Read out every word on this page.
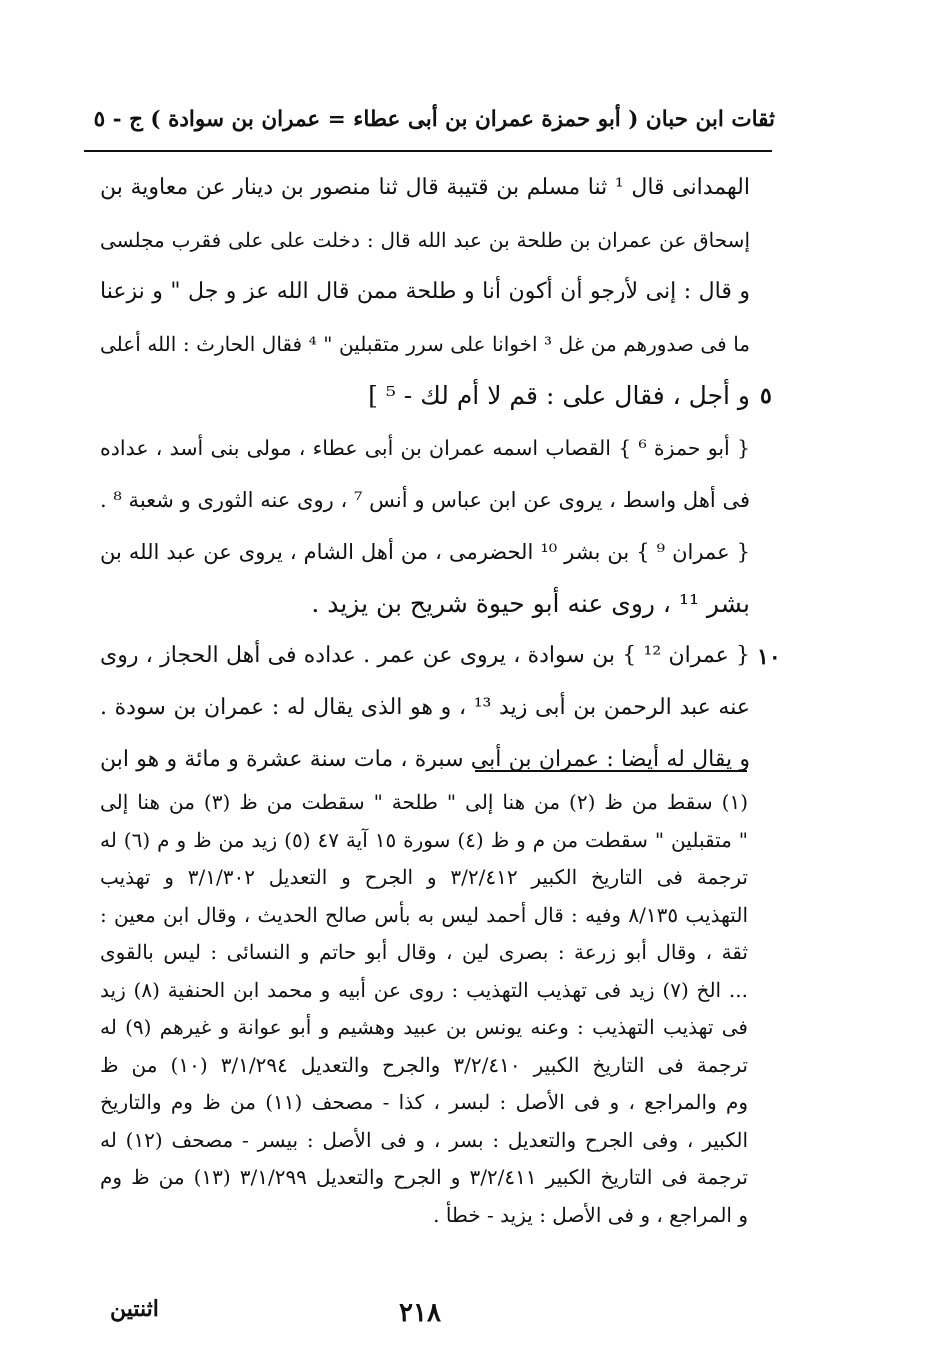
ثقات ابن حبان ( أبو حمزة عمران بن أبى عطاء = عمران بن سوادة ) ج - ٥
٥
١٠
الهمدانى قال ¹ ثنا مسلم بن قتيبة قال ثنا منصور بن دينار عن معاوية بن
إسحاق عن عمران بن طلحة بن عبد الله قال : دخلت على على فقرب مجلسى
و قال : إنى لأرجو أن أكون أنا و طلحة ممن قال الله عز و جل " و نزعنا
ما فى صدورهم من غل ³ اخوانا على سرر متقبلين " ⁴ فقال الحارث : الله أعلى
و أجل ، فقال على : قم لا أم لك - ⁵ ]
{ أبو حمزة ⁶ } القصاب اسمه عمران بن أبى عطاء ، مولى بنى أسد ، عداده
فى أهل واسط ، يروى عن ابن عباس و أنس ⁷ ، روى عنه الثورى و شعبة ⁸ .
{ عمران ⁹ } بن بشر ¹⁰ الحضرمى ، من أهل الشام ، يروى عن عبد الله بن
بشر ¹¹ ، روى عنه أبو حيوة شريح بن يزيد .
{ عمران ¹² } بن سوادة ، يروى عن عمر . عداده فى أهل الحجاز ، روى
عنه عبد الرحمن بن أبى زيد ¹³ ، و هو الذى يقال له : عمران بن سودة .
و يقال له أيضا : عمران بن أبى سبرة ، مات سنة عشرة و مائة و هو ابن
(١) سقط من ظ (٢) من هنا إلى " طلحة " سقطت من ظ (٣) من هنا إلى
" متقبلين " سقطت من م و ظ (٤) سورة ١٥ آية ٤٧ (٥) زيد من ظ و م (٦) له
ترجمة فى التاريخ الكبير ٣/٢/٤١٢ و الجرح و التعديل ٣/١/٣٠٢ و تهذيب
التهذيب ٨/١٣٥ وفيه : قال أحمد ليس به بأس صالح الحديث ، وقال ابن معين :
ثقة ، وقال أبو زرعة : بصرى لين ، وقال أبو حاتم و النسائى : ليس بالقوى
... الخ (٧) زيد فى تهذيب التهذيب : روى عن أبيه و محمد ابن الحنفية (٨) زيد
فى تهذيب التهذيب : وعنه يونس بن عبيد وهشيم و أبو عوانة و غيرهم (٩) له
ترجمة فى التاريخ الكبير ٣/٢/٤١٠ والجرح والتعديل ٣/١/٢٩٤ (١٠) من ظ
وم والمراجع ، و فى الأصل : لبسر ، كذا - مصحف (١١) من ظ وم والتاريخ
الكبير ، وفى الجرح والتعديل : بسر ، و فى الأصل : بيسر - مصحف (١٢) له
ترجمة فى التاريخ الكبير ٣/٢/٤١١ و الجرح والتعديل ٣/١/٢٩٩ (١٣) من ظ وم
و المراجع ، و فى الأصل : يزيد - خطأ .
٢١٨
اثنتين
